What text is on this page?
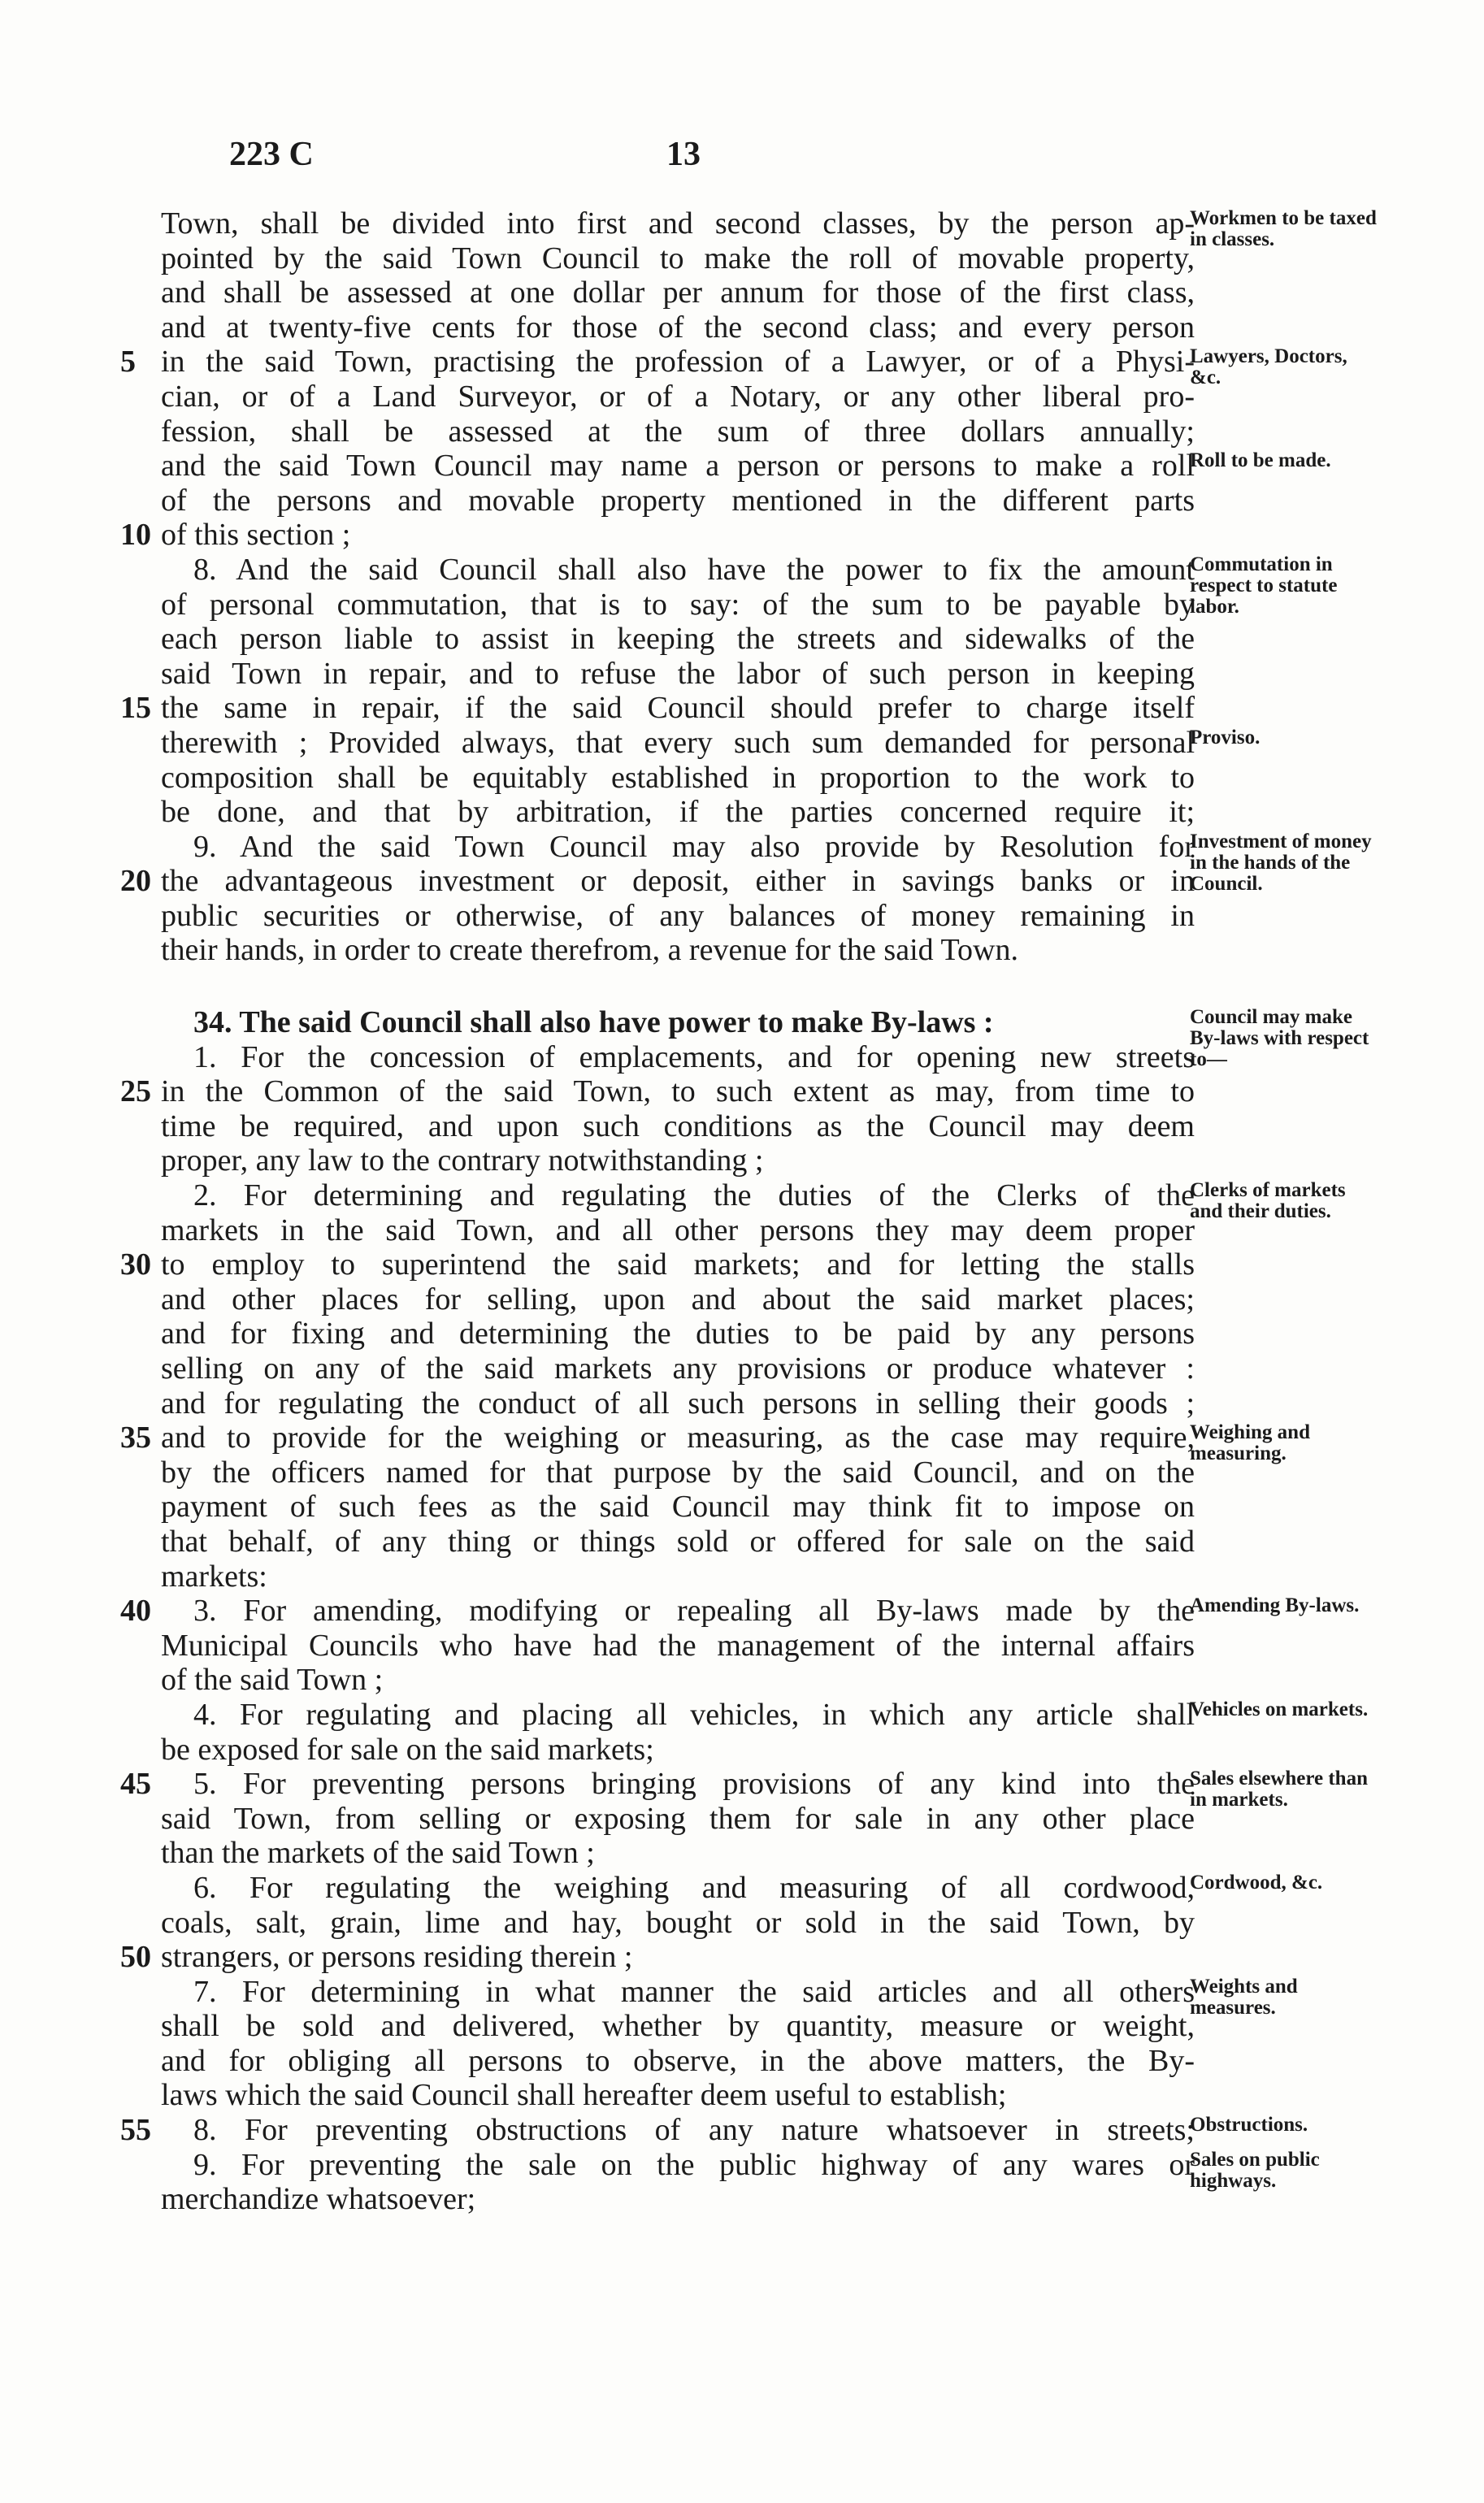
223 C	13
Town, shall be divided into first and second classes, by the person ap-
Workmen to be taxed in classes.
pointed by the said Town Council to make the roll of movable property,
and shall be assessed at one dollar per annum for those of the first class,
and at twenty-five cents for those of the second class; and every person
5 in the said Town, practising the profession of a Lawyer, or of a Physi-
Lawyers, Doctors, &c.
cian, or of a Land Surveyor, or of a Notary, or any other liberal pro-
fession, shall be assessed at the sum of three dollars annually;
and the said Town Council may name a person or persons to make a roll
Roll to be made.
of the persons and movable property mentioned in the different parts
10 of this section ;
8. And the said Council shall also have the power to fix the amount
Commutation in respect to statute labor.
of personal commutation, that is to say: of the sum to be payable by
each person liable to assist in keeping the streets and sidewalks of the
said Town in repair, and to refuse the labor of such person in keeping
15 the same in repair, if the said Council should prefer to charge itself
therewith ; Provided always, that every such sum demanded for personal
Proviso.
composition shall be equitably established in proportion to the work to
be done, and that by arbitration, if the parties concerned require it;
9. And the said Town Council may also provide by Resolution for
Investment of money in the hands of the Council.
20 the advantageous investment or deposit, either in savings banks or in
public securities or otherwise, of any balances of money remaining in
their hands, in order to create therefrom, a revenue for the said Town.
34. The said Council shall also have power to make By-laws :	Council may make By-laws with respect to—
1. For the concession of emplacements, and for opening new streets
25 in the Common of the said Town, to such extent as may, from time to
time be required, and upon such conditions as the Council may deem
proper, any law to the contrary notwithstanding ;
2. For determining and regulating the duties of the Clerks of the
Clerks of markets and their duties.
markets in the said Town, and all other persons they may deem proper
30 to employ to superintend the said markets; and for letting the stalls
and other places for selling, upon and about the said market places;
and for fixing and determining the duties to be paid by any persons
selling on any of the said markets any provisions or produce whatever :
and for regulating the conduct of all such persons in selling their goods ;
35 and to provide for the weighing or measuring, as the case may require,
Weighing and measuring.
by the officers named for that purpose by the said Council, and on the
payment of such fees as the said Council may think fit to impose on
that behalf, of any thing or things sold or offered for sale on the said
markets:
40	3. For amending, modifying or repealing all By-laws made by the
Amending By-laws.
Municipal Councils who have had the management of the internal affairs
of the said Town ;
4. For regulating and placing all vehicles, in which any article shall
Vehicles on markets.
be exposed for sale on the said markets;
45	5. For preventing persons bringing provisions of any kind into the
Sales elsewhere than in markets.
said Town, from selling or exposing them for sale in any other place
than the markets of the said Town ;
6. For regulating the weighing and measuring of all cordwood,
Cordwood, &c.
coals, salt, grain, lime and hay, bought or sold in the said Town, by
50 strangers, or persons residing therein ;
7. For determining in what manner the said articles and all others
Weights and measures.
shall be sold and delivered, whether by quantity, measure or weight,
and for obliging all persons to observe, in the above matters, the By-
laws which the said Council shall hereafter deem useful to establish;
55	8. For preventing obstructions of any nature whatsoever in streets;
Obstructions.
9. For preventing the sale on the public highway of any wares or
Sales on public highways.
merchandize whatsoever;
